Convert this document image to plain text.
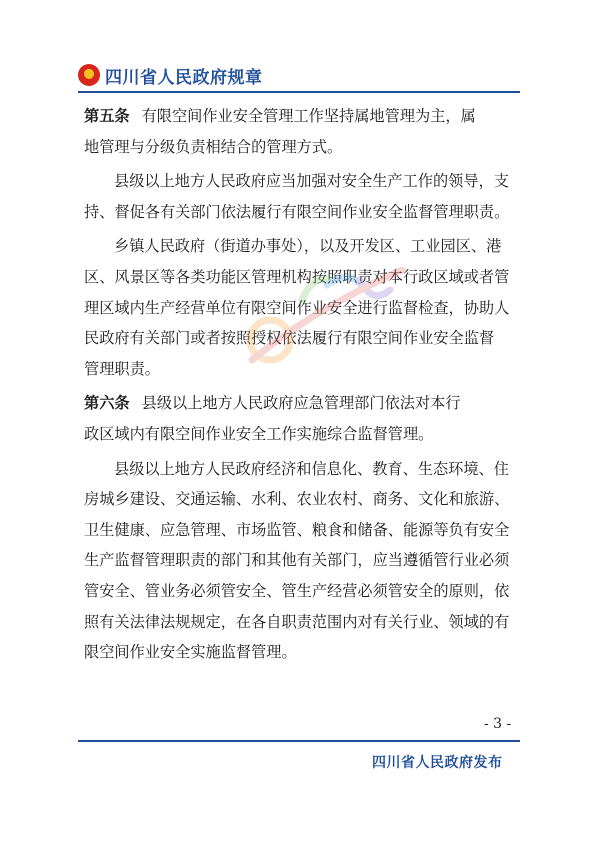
四川省人民政府规章
第五条 有限空间作业安全管理工作坚持属地管理为主，属
地管理与分级负责相结合的管理方式。
县级以上地方人民政府应当加强对安全生产工作的领导，支
持、督促各有关部门依法履行有限空间作业安全监督管理职责。
乡镇人民政府（街道办事处），以及开发区、工业园区、港
区、风景区等各类功能区管理机构按照职责对本行政区域或者管
理区域内生产经营单位有限空间作业安全进行监督检查，协助人
民政府有关部门或者按照授权依法履行有限空间作业安全监督
管理职责。
第六条 县级以上地方人民政府应急管理部门依法对本行
政区域内有限空间作业安全工作实施综合监督管理。
县级以上地方人民政府经济和信息化、教育、生态环境、住
房城乡建设、交通运输、水利、农业农村、商务、文化和旅游、
卫生健康、应急管理、市场监管、粮食和储备、能源等负有安全
生产监督管理职责的部门和其他有关部门，应当遵循管行业必须
管安全、管业务必须管安全、管生产经营必须管安全的原则，依
照有关法律法规规定，在各自职责范围内对有关行业、领域的有
限空间作业安全实施监督管理。
- 3 -
四川省人民政府发布
